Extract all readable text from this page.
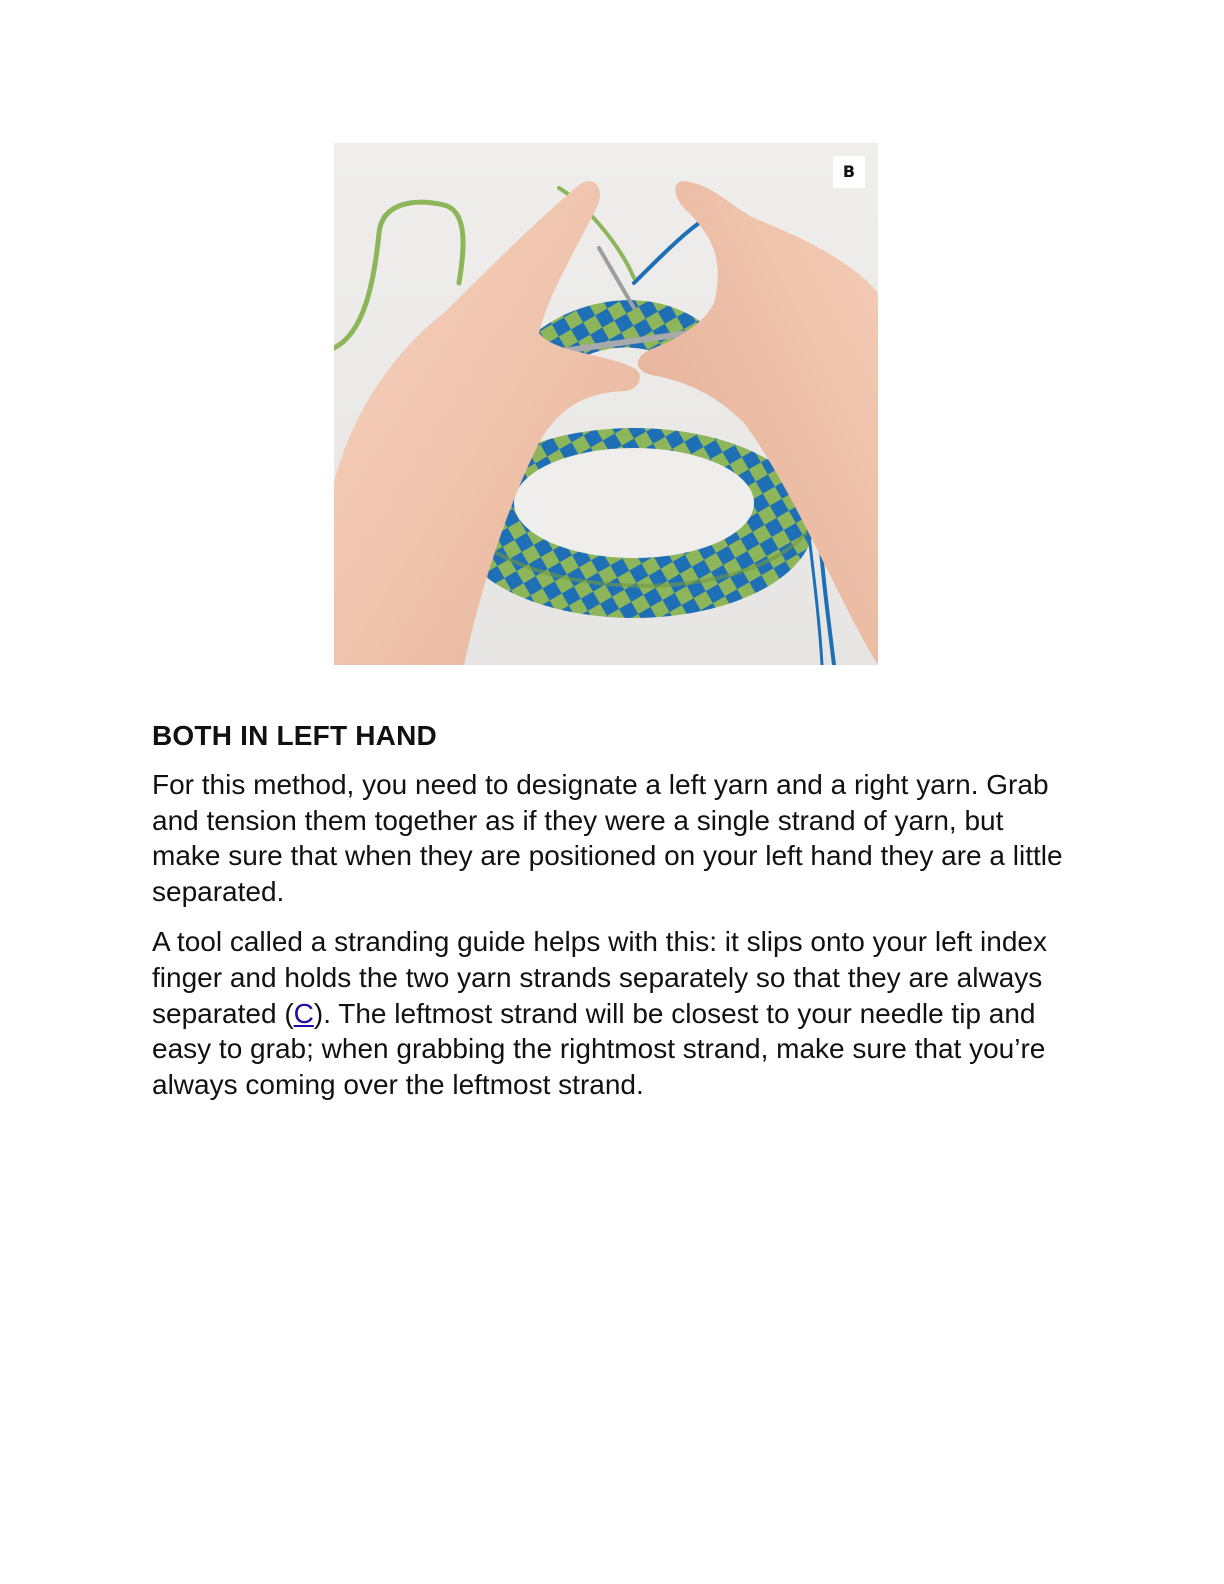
B
BOTH IN LEFT HAND

For this method, you need to designate a left yarn and a right yarn. Grab and tension them together as if they were a single strand of yarn, but make sure that when they are positioned on your left hand they are a little separated.

A tool called a stranding guide helps with this: it slips onto your left index finger and holds the two yarn strands separately so that they are always separated (C). The leftmost strand will be closest to your needle tip and easy to grab; when grabbing the rightmost strand, make sure that you’re always coming over the leftmost strand.
